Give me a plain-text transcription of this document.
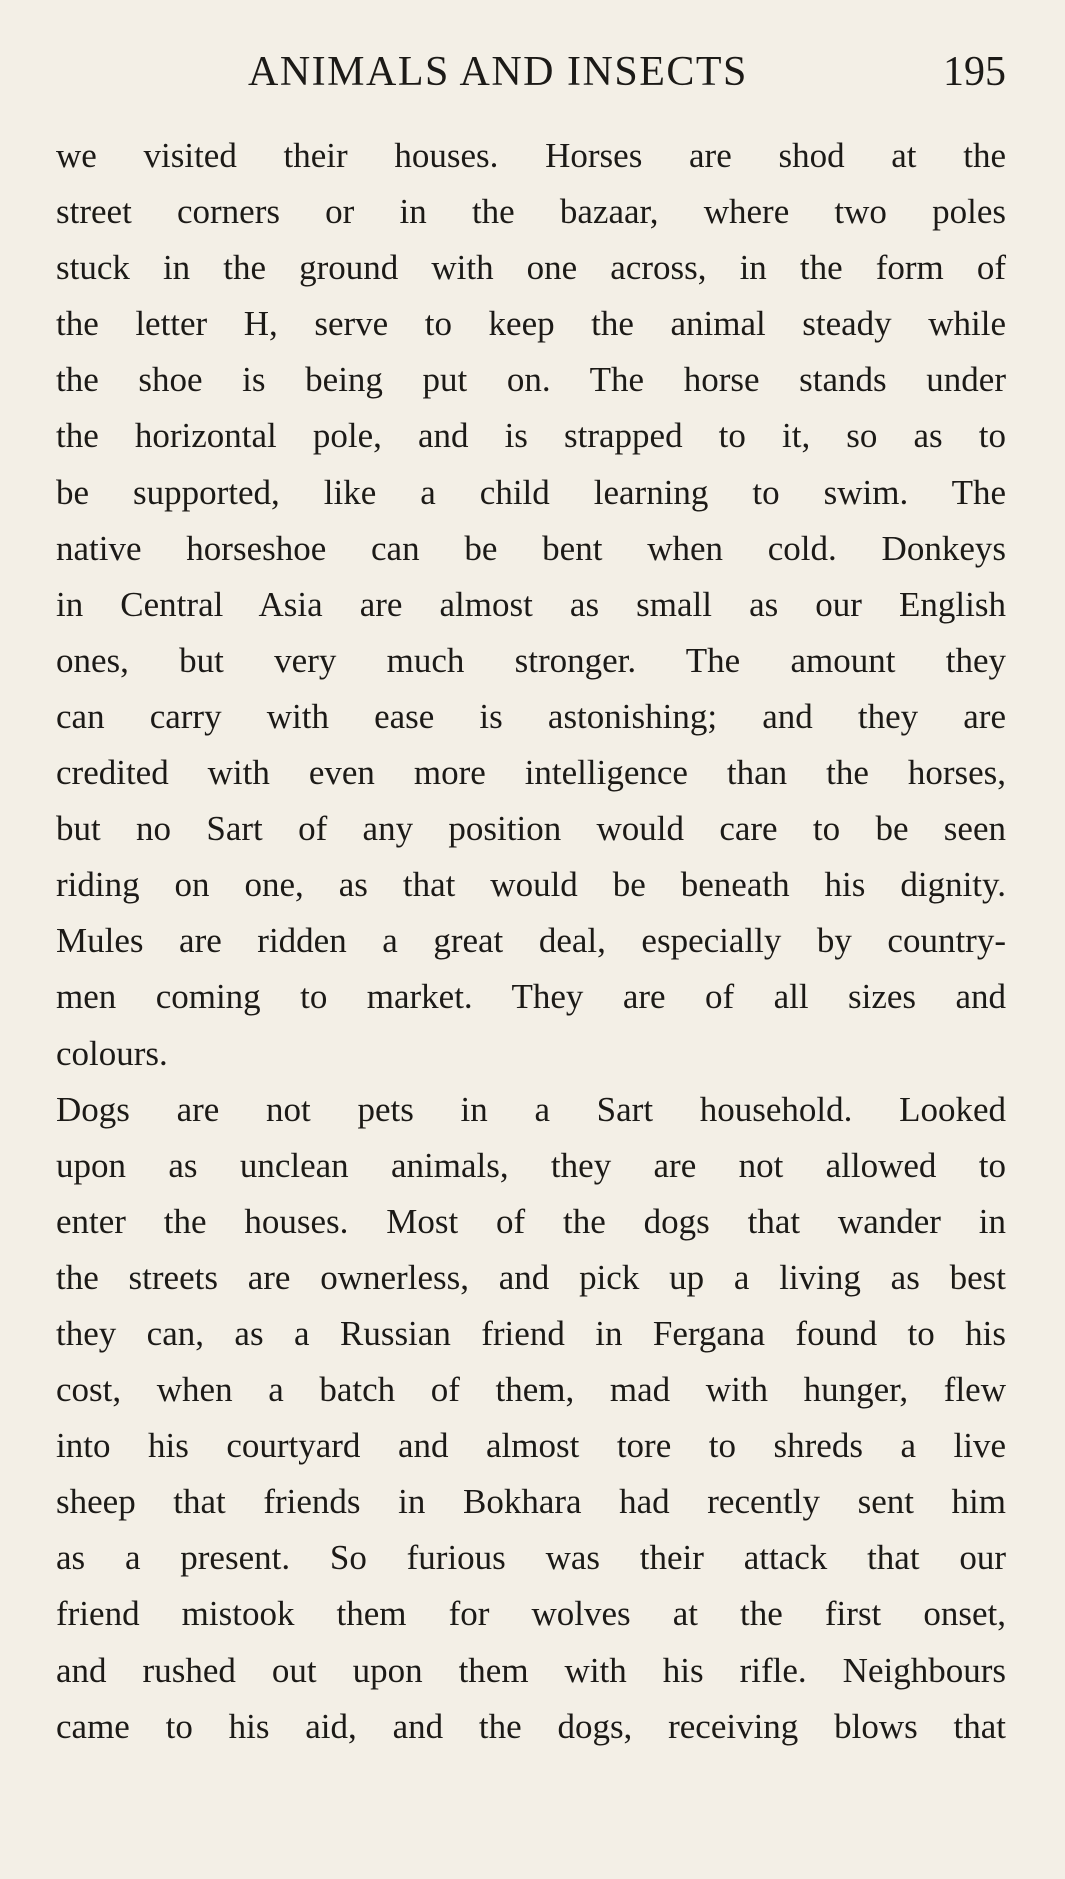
ANIMALS AND INSECTS	195
we visited their houses. Horses are shod at the
street corners or in the bazaar, where two poles
stuck in the ground with one across, in the form of
the letter H, serve to keep the animal steady while
the shoe is being put on. The horse stands under
the horizontal pole, and is strapped to it, so as to
be supported, like a child learning to swim. The
native horseshoe can be bent when cold. Donkeys
in Central Asia are almost as small as our English
ones, but very much stronger. The amount they
can carry with ease is astonishing; and they are
credited with even more intelligence than the horses,
but no Sart of any position would care to be seen
riding on one, as that would be beneath his dignity.
Mules are ridden a great deal, especially by country-
men coming to market. They are of all sizes and
colours.
Dogs are not pets in a Sart household. Looked
upon as unclean animals, they are not allowed to
enter the houses. Most of the dogs that wander in
the streets are ownerless, and pick up a living as best
they can, as a Russian friend in Fergana found to his
cost, when a batch of them, mad with hunger, flew
into his courtyard and almost tore to shreds a live
sheep that friends in Bokhara had recently sent him
as a present. So furious was their attack that our
friend mistook them for wolves at the first onset,
and rushed out upon them with his rifle. Neighbours
came to his aid, and the dogs, receiving blows that
